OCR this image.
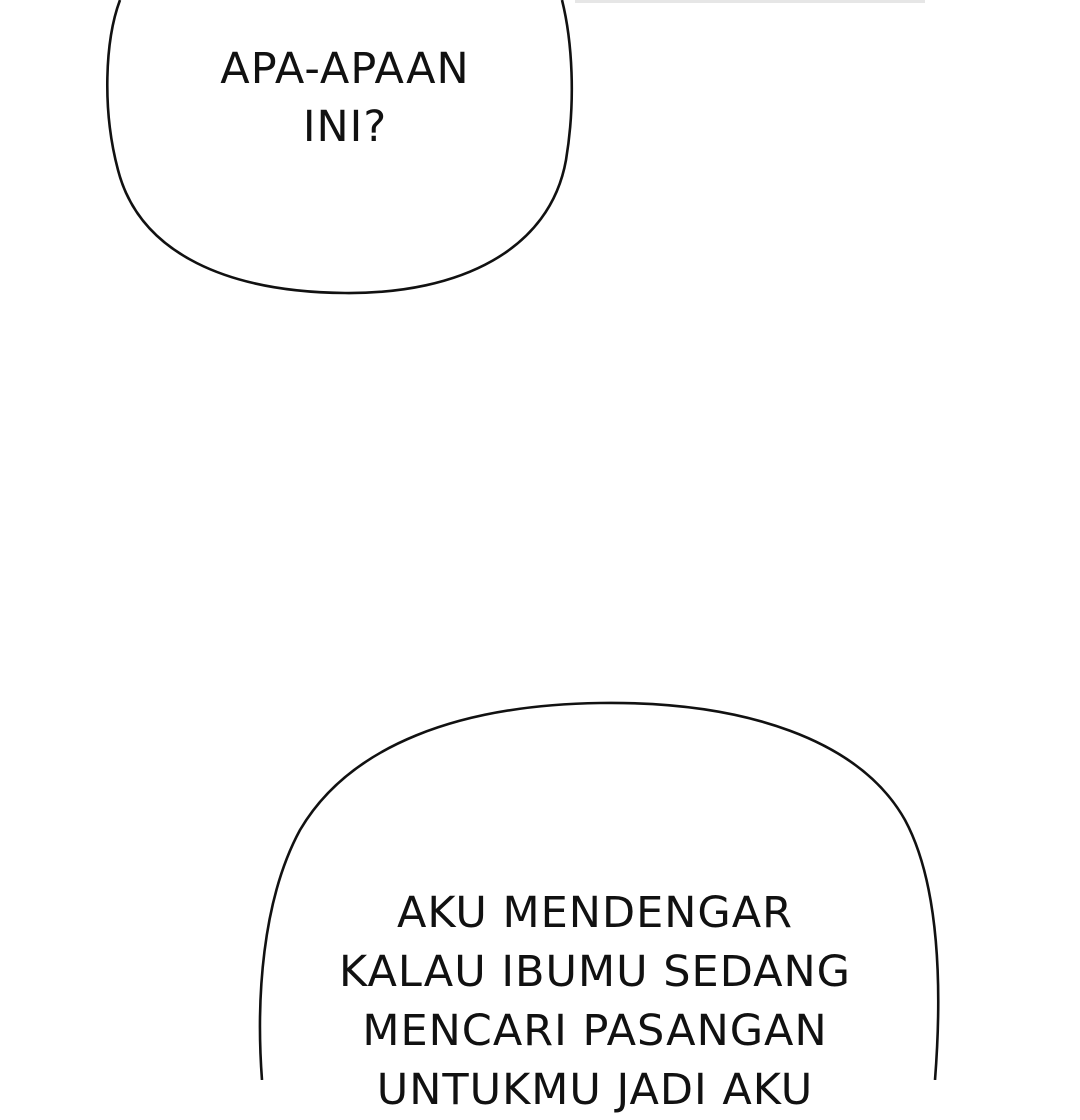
APA-APAAN
INI?
AKU MENDENGAR
KALAU IBUMU SEDANG
MENCARI PASANGAN
UNTUKMU JADI AKU
